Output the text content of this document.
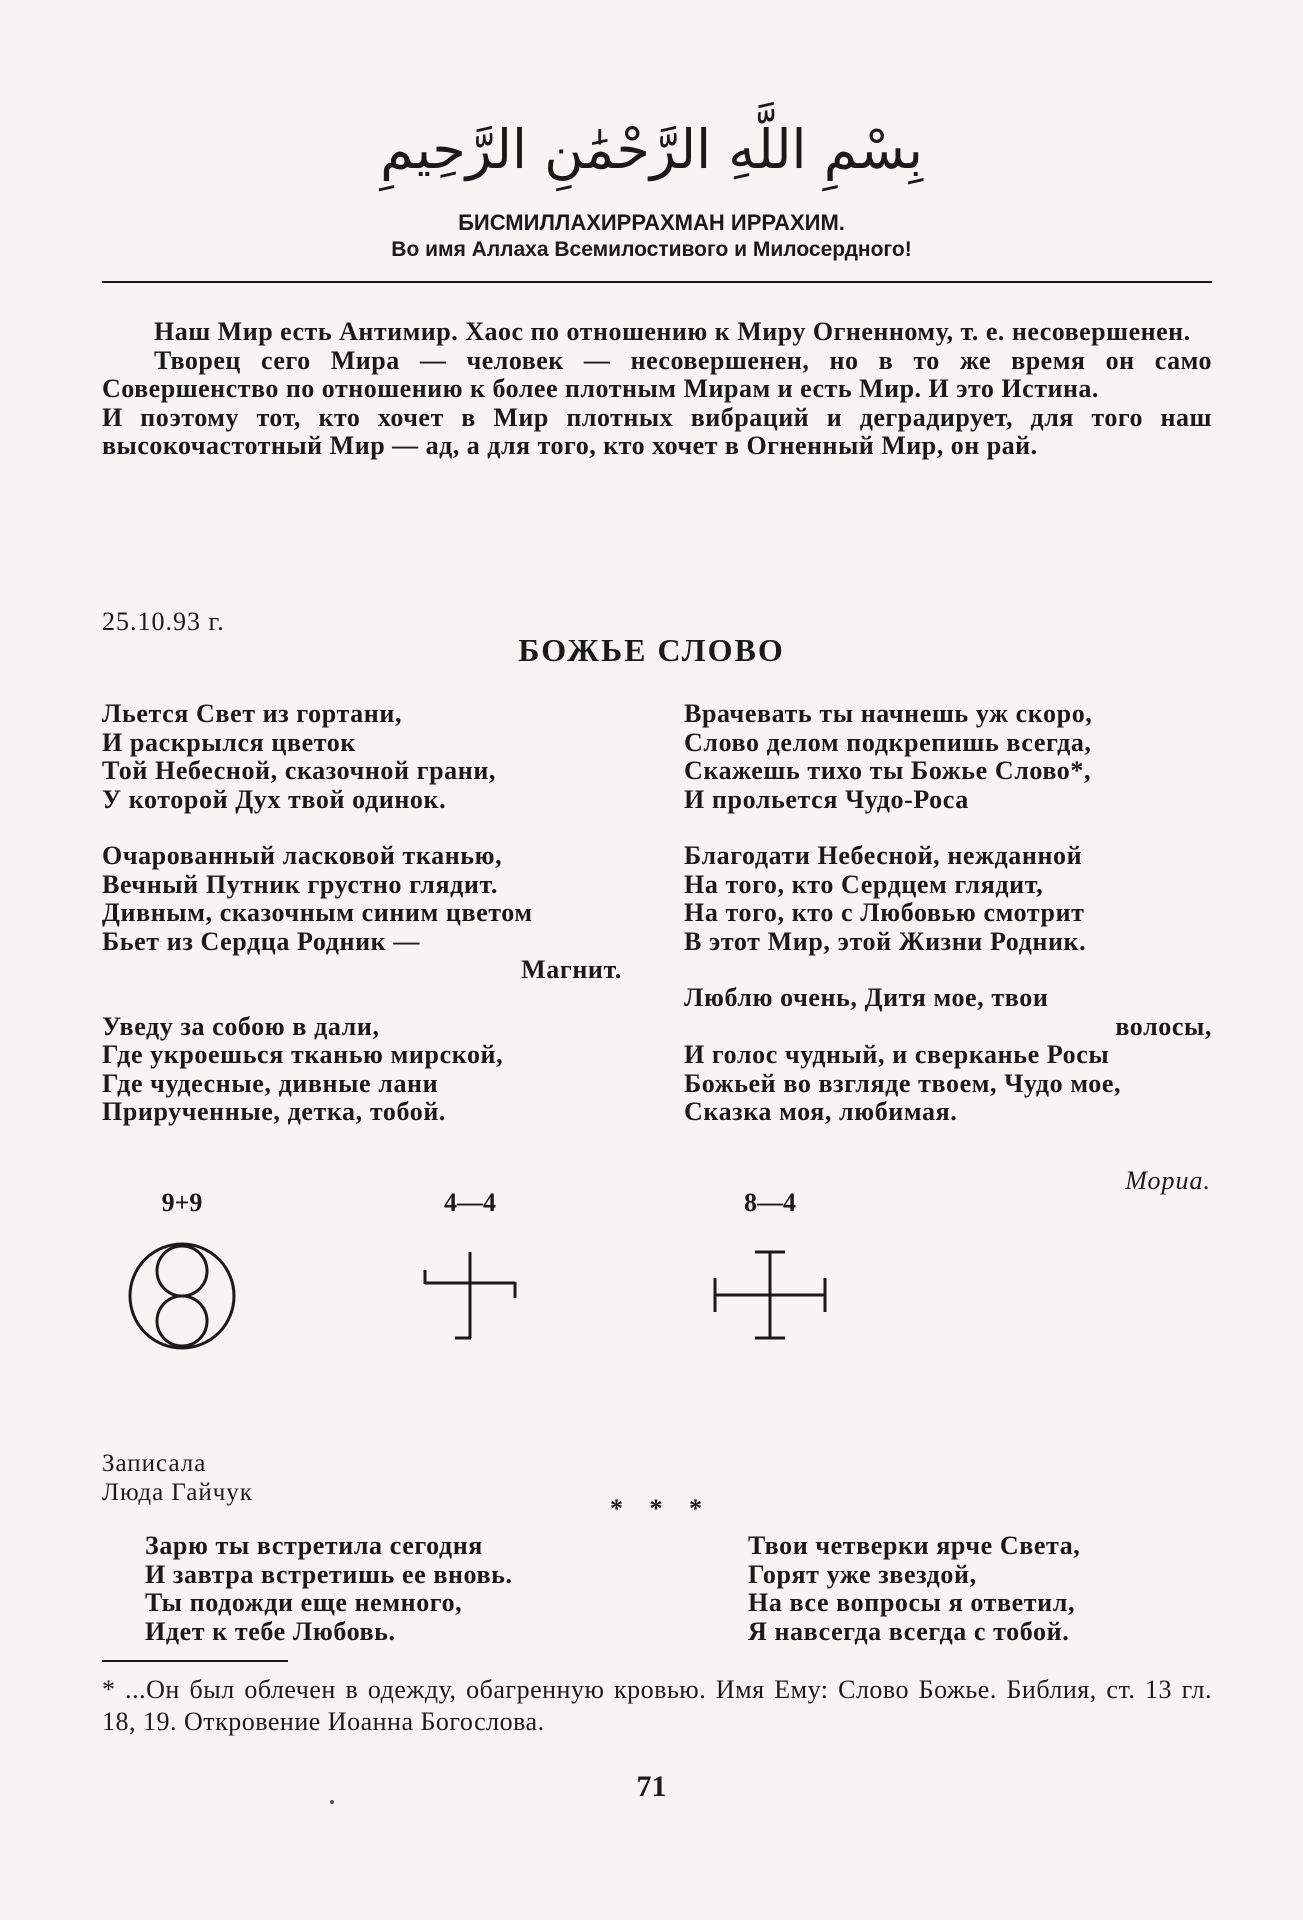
بِسْمِ اللَّهِ الرَّحْمَٰنِ الرَّحِيمِ
БИСМИЛЛАХИРРАХМАН ИРРАХИМ.
Во имя Аллаха Всемилостивого и Милосердного!

Наш Мир есть Антимир. Хаос по отношению к Миру Огненному, т. е. несовершенен.

Творец сего Мира — человек — несовершенен, но в то же время он само Совершенство по отношению к более плотным Мирам и есть Мир. И это Истина.

И поэтому тот, кто хочет в Мир плотных вибраций и деградирует, для того наш высокочастотный Мир — ад, а для того, кто хочет в Огненный Мир, он рай.

25.10.93 г.
БОЖЬЕ СЛОВО
Льется Свет из гортани,
И раскрылся цветок
Той Небесной, сказочной грани,
У которой Дух твой одинок.
Очарованный ласковой тканью,
Вечный Путник грустно глядит.
Дивным, сказочным синим цветом
Бьет из Сердца Родник —
Магнит.
Уведу за собою в дали,
Где укроешься тканью мирской,
Где чудесные, дивные лани
Прирученные, детка, тобой.
Врачевать ты начнешь уж скоро,
Слово делом подкрепишь всегда,
Скажешь тихо ты Божье Слово*,
И прольется Чудо-Роса
Благодати Небесной, нежданной
На того, кто Сердцем глядит,
На того, кто с Любовью смотрит
В этот Мир, этой Жизни Родник.
Люблю очень, Дитя мое, твои
волосы,
И голос чудный, и сверканье Росы
Божьей во взгляде твоем, Чудо мое,
Сказка моя, любимая.
Мориа.
9+9	4—4	8—4
Записала
Люда Гайчук
* * *
Зарю ты встретила сегодня
И завтра встретишь ее вновь.
Ты подожди еще немного,
Идет к тебе Любовь.
Твои четверки ярче Света,
Горят уже звездой,
На все вопросы я ответил,
Я навсегда всегда с тобой.
* ...Он был облечен в одежду, обагренную кровью. Имя Ему: Слово Божье. Библия, ст. 13 гл. 18, 19. Откровение Иоанна Богослова.
71
